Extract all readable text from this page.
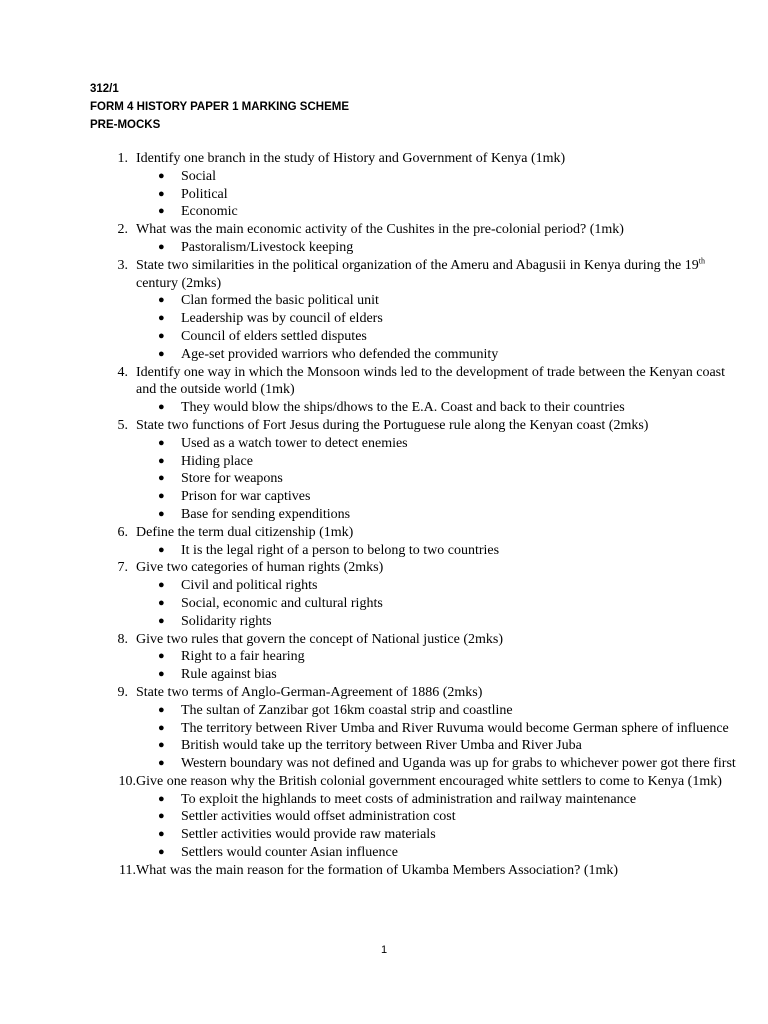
312/1
FORM 4 HISTORY PAPER 1 MARKING SCHEME
PRE-MOCKS
1. Identify one branch in the study of History and Government of Kenya (1mk)
● Social
● Political
● Economic
2. What was the main economic activity of the Cushites in the pre-colonial period? (1mk)
● Pastoralism/Livestock keeping
3. State two similarities in the political organization of the Ameru and Abagusii in Kenya during the 19th century (2mks)
● Clan formed the basic political unit
● Leadership was by council of elders
● Council of elders settled disputes
● Age-set provided warriors who defended the community
4. Identify one way in which the Monsoon winds led to the development of trade between the Kenyan coast and the outside world (1mk)
● They would blow the ships/dhows to the E.A. Coast and back to their countries
5. State two functions of Fort Jesus during the Portuguese rule along the Kenyan coast (2mks)
● Used as a watch tower to detect enemies
● Hiding place
● Store for weapons
● Prison for war captives
● Base for sending expenditions
6. Define the term dual citizenship (1mk)
● It is the legal right of a person to belong to two countries
7. Give two categories of human rights (2mks)
● Civil and political rights
● Social, economic and cultural rights
● Solidarity rights
8. Give two rules that govern the concept of National justice (2mks)
● Right to a fair hearing
● Rule against bias
9. State two terms of Anglo-German-Agreement of 1886 (2mks)
● The sultan of Zanzibar got 16km coastal strip and coastline
● The territory between River Umba and River Ruvuma would become German sphere of influence
● British would take up the territory between River Umba and River Juba
● Western boundary was not defined and Uganda was up for grabs to whichever power got there first
10. Give one reason why the British colonial government encouraged white settlers to come to Kenya (1mk)
● To exploit the highlands to meet costs of administration and railway maintenance
● Settler activities would offset administration cost
● Settler activities would provide raw materials
● Settlers would counter Asian influence
11. What was the main reason for the formation of Ukamba Members Association? (1mk)
1
